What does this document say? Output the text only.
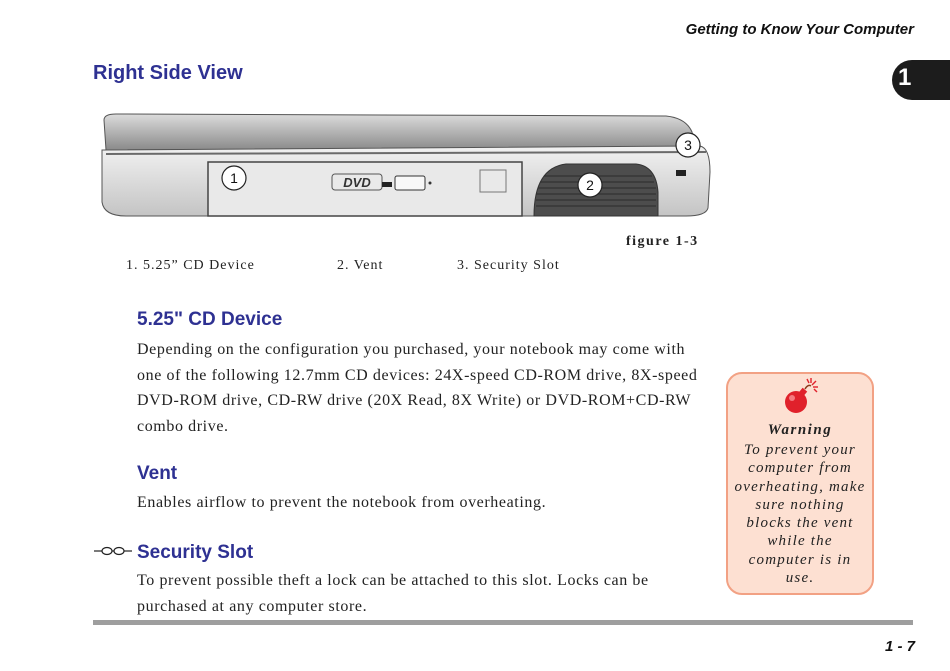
Getting to Know Your Computer
1
Right Side View
DVD
1	2
3
figure 1-3
1. 5.25” CD Device	2. Vent	3. Security Slot
5.25" CD Device
Depending on the configuration you purchased, your notebook may come with one of the following 12.7mm CD devices: 24X-speed CD-ROM drive, 8X-speed DVD-ROM drive, CD-RW drive (20X Read, 8X Write) or DVD-ROM+CD-RW combo drive.
Vent
Enables airflow to prevent the notebook from overheating.
Security Slot
To prevent possible theft a lock can be attached to this slot. Locks can be purchased at any computer store.
Warning
To prevent your computer from overheating, make sure nothing blocks the vent while the computer is in use.
1 - 7
